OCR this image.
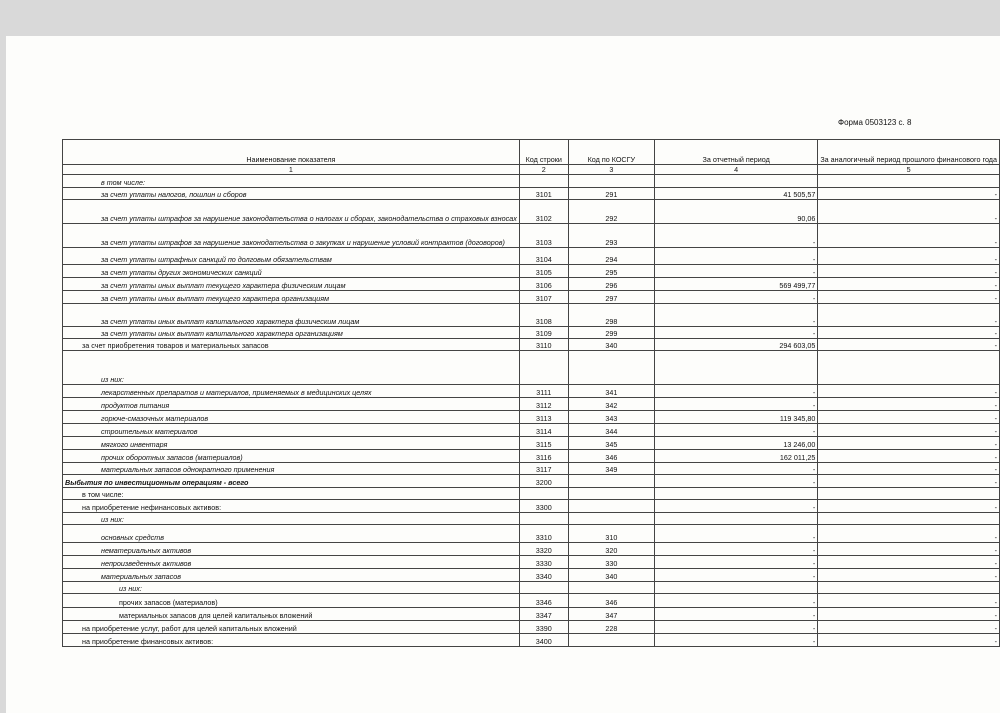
Форма 0503123 с. 8
Наименование показателя	Код строки	Код по КОСГУ	За отчетный период	За аналогичный период прошлого финансового года
1	2	3	4	5
в том числе:				
за счет уплаты налогов, пошлин и сборов	3101	291	41 505,57	-
за счет уплаты штрафов за нарушение законодательства о налогах и сборах, законодательства о страховых взносах	3102	292	90,06	-
за счет уплаты штрафов за нарушение законодательства о закупках и нарушение условий контрактов (договоров)	3103	293	-	-
за счет уплаты штрафных санкций по долговым обязательствам	3104	294	-	-
за счет уплаты других экономических санкций	3105	295	-	-
за счет уплаты иных выплат текущего характера физическим лицам	3106	296	569 499,77	-
за счет уплаты иных выплат текущего характера организациям	3107	297	-	-
за счет уплаты иных выплат капитального характера физическим лицам	3108	298	-	-
за счет уплаты иных выплат капитального характера организациям	3109	299	-	-
за счет приобретения товаров и материальных запасов	3110	340	294 603,05	-
из них:				
лекарственных препаратов и материалов, применяемых в медицинских целях	3111	341	-	-
продуктов питания	3112	342	-	-
горюче-смазочных материалов	3113	343	119 345,80	-
строительных материалов	3114	344	-	-
мягкого инвентаря	3115	345	13 246,00	-
прочих оборотных запасов (материалов)	3116	346	162 011,25	-
материальных запасов однократного применения	3117	349	-	-
Выбытия по инвестиционным операциям - всего	3200		-	-
в том числе:				
на приобретение нефинансовых активов:	3300		-	-
из них:				
основных средств	3310	310	-	-
нематериальных активов	3320	320	-	-
непроизведенных активов	3330	330	-	-
материальных запасов	3340	340	-	-
из них:				
прочих запасов (материалов)	3346	346	-	-
материальных запасов для целей капитальных вложений	3347	347	-	-
на приобретение услуг, работ для целей капитальных вложений	3390	228	-	-
на приобретение финансовых активов:	3400		-	-
